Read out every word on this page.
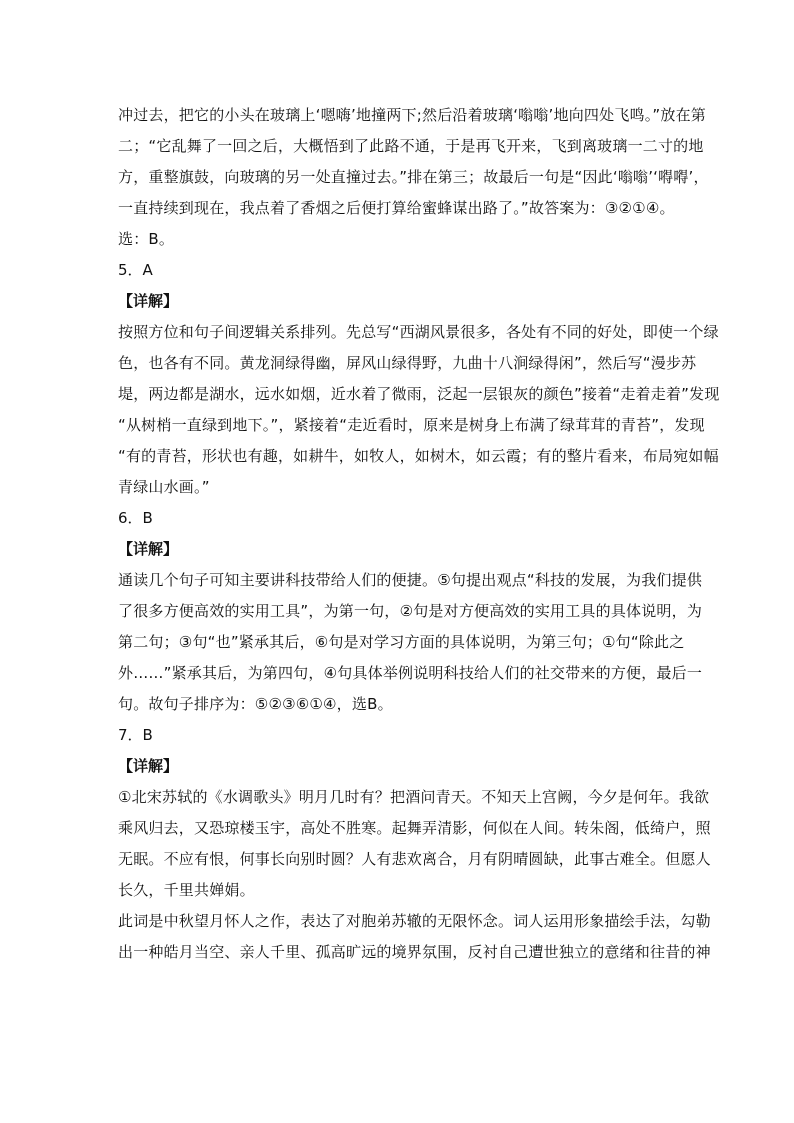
冲过去，把它的小头在玻璃上‘嗯嗨’地撞两下;然后沿着玻璃‘嗡嗡’地向四处飞鸣。”放在第

二；“它乱舞了一回之后，大概悟到了此路不通，于是再飞开来，飞到离玻璃一二寸的地

方，重整旗鼓，向玻璃的另一处直撞过去。”排在第三；故最后一句是“因此‘嗡嗡’‘嘚嘚’，

一直持续到现在，我点着了香烟之后便打算给蜜蜂谋出路了。”故答案为：③②①④。

选：B。

5．A

【详解】

按照方位和句子间逻辑关系排列。先总写“西湖风景很多，各处有不同的好处，即使一个绿

色，也各有不同。黄龙洞绿得幽，屏风山绿得野，九曲十八涧绿得闲”，然后写“漫步苏

堤，两边都是湖水，远水如烟，近水着了微雨，泛起一层银灰的颜色”接着“走着走着”发现

“从树梢一直绿到地下。”，紧接着“走近看时，原来是树身上布满了绿茸茸的青苔”，发现

“有的青苔，形状也有趣，如耕牛，如牧人，如树木，如云霞；有的整片看来，布局宛如幅

青绿山水画。”

6．B

【详解】

通读几个句子可知主要讲科技带给人们的便捷。⑤句提出观点“科技的发展，为我们提供

了很多方便高效的实用工具”，为第一句，②句是对方便高效的实用工具的具体说明，为

第二句；③句“也”紧承其后，⑥句是对学习方面的具体说明，为第三句；①句“除此之

外……”紧承其后，为第四句，④句具体举例说明科技给人们的社交带来的方便，最后一

句。故句子排序为：⑤②③⑥①④，选B。

7．B

【详解】

①北宋苏轼的《水调歌头》明月几时有？把酒问青天。不知天上宫阙，今夕是何年。我欲

乘风归去，又恐琼楼玉宇，高处不胜寒。起舞弄清影，何似在人间。转朱阁，低绮户，照

无眠。不应有恨，何事长向别时圆？人有悲欢离合，月有阴晴圆缺，此事古难全。但愿人

长久，千里共婵娟。

此词是中秋望月怀人之作，表达了对胞弟苏辙的无限怀念。词人运用形象描绘手法，勾勒

出一种皓月当空、亲人千里、孤高旷远的境界氛围，反衬自己遭世独立的意绪和往昔的神
